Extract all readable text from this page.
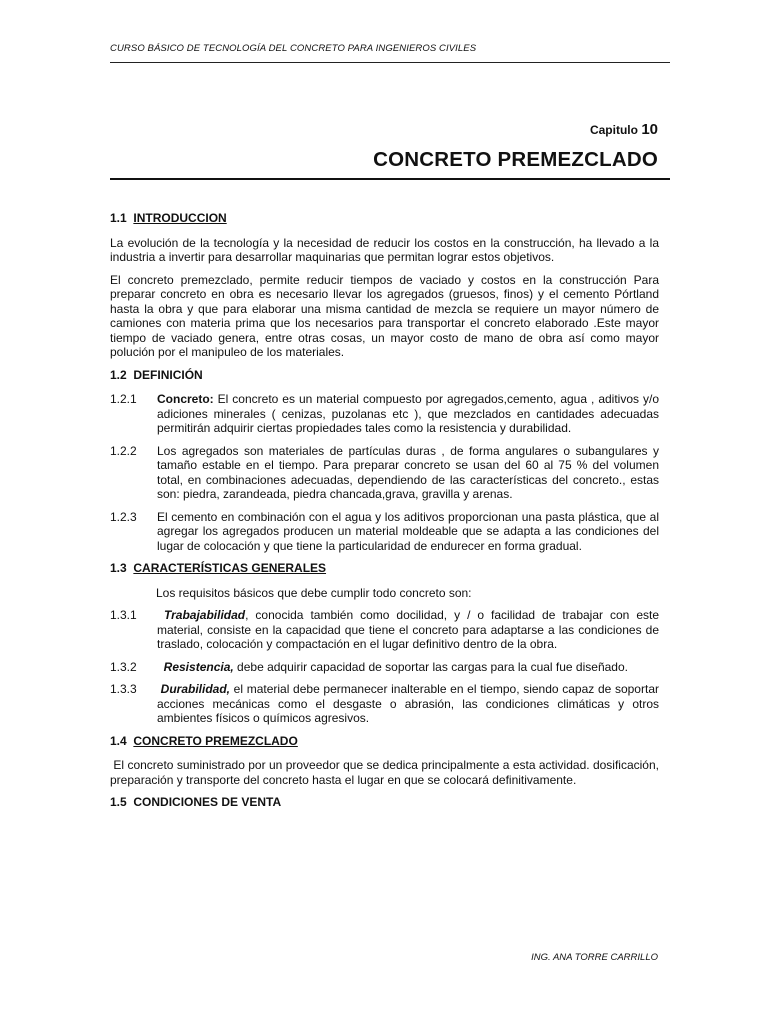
CURSO BÁSICO DE TECNOLOGÍA DEL CONCRETO PARA INGENIEROS CIVILES
Capitulo 10
CONCRETO PREMEZCLADO
1.1 INTRODUCCION

La evolución de la tecnología y la necesidad de reducir los costos en la construcción, ha llevado a la industria a invertir para desarrollar maquinarias que permitan lograr estos objetivos.

El concreto premezclado, permite reducir tiempos de vaciado y costos en la construcción Para preparar concreto en obra es necesario llevar los agregados (gruesos, finos) y el cemento Pórtland hasta la obra y que para elaborar una misma cantidad de mezcla se requiere un mayor número de camiones con materia prima que los necesarios para transportar el concreto elaborado .Este mayor tiempo de vaciado genera, entre otras cosas, un mayor costo de mano de obra así como mayor polución por el manipuleo de los materiales.

1.2 DEFINICIÓN
1.2.1	Concreto: El concreto es un material compuesto por agregados,cemento, agua , aditivos y/o adiciones minerales ( cenizas, puzolanas etc ), que mezclados en cantidades adecuadas permitirán adquirir ciertas propiedades tales como la resistencia y durabilidad.
1.2.2	Los agregados son materiales de partículas duras , de forma angulares o subangulares y tamaño estable en el tiempo. Para preparar concreto se usan del 60 al 75 % del volumen total, en combinaciones adecuadas, dependiendo de las características del concreto., estas son: piedra, zarandeada, piedra chancada,grava, gravilla y arenas.
1.2.3	El cemento en combinación con el agua y los aditivos proporcionan una pasta plástica, que al agregar los agregados producen un material moldeable que se adapta a las condiciones del lugar de colocación y que tiene la particularidad de endurecer en forma gradual.
1.3 CARACTERÍSTICAS GENERALES

Los requisitos básicos que debe cumplir todo concreto son:

1.3.1	Trabajabilidad, conocida también como docilidad, y / o facilidad de trabajar con este material, consiste en la capacidad que tiene el concreto para adaptarse a las condiciones de traslado, colocación y compactación en el lugar definitivo dentro de la obra.
1.3.2	Resistencia, debe adquirir capacidad de soportar las cargas para la cual fue diseñado.
1.3.3	Durabilidad, el material debe permanecer inalterable en el tiempo, siendo capaz de soportar acciones mecánicas como el desgaste o abrasión, las condiciones climáticas y otros ambientes físicos o químicos agresivos.
1.4 CONCRETO PREMEZCLADO

El concreto suministrado por un proveedor que se dedica principalmente a esta actividad. dosificación, preparación y transporte del concreto hasta el lugar en que se colocará definitivamente.

1.5 CONDICIONES DE VENTA
ING. ANA TORRE CARRILLO
